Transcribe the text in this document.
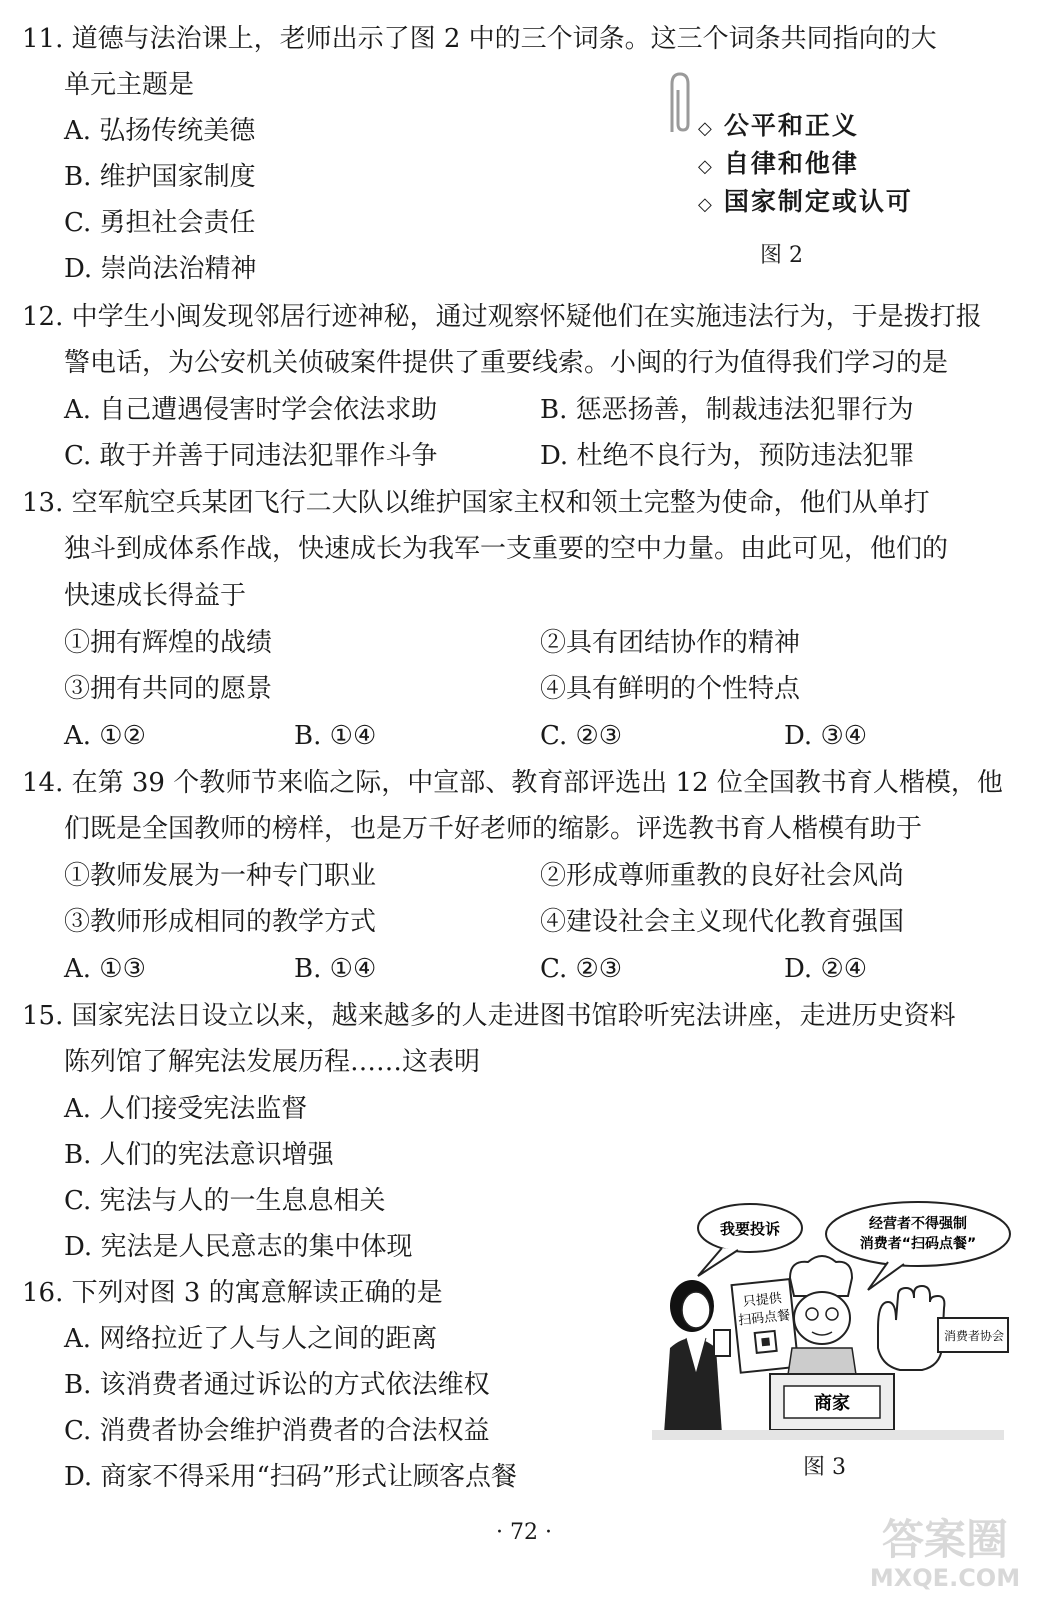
11. 道德与法治课上，老师出示了图 2 中的三个词条。这三个词条共同指向的大
单元主题是
A. 弘扬传统美德
B. 维护国家制度
C. 勇担社会责任
D. 崇尚法治精神
◇ 公平和正义
◇ 自律和他律
◇ 国家制定或认可
图 2
12. 中学生小闽发现邻居行迹神秘，通过观察怀疑他们在实施违法行为，于是拨打报
警电话，为公安机关侦破案件提供了重要线索。小闽的行为值得我们学习的是
A. 自己遭遇侵害时学会依法求助	B. 惩恶扬善，制裁违法犯罪行为
C. 敢于并善于同违法犯罪作斗争	D. 杜绝不良行为，预防违法犯罪
13. 空军航空兵某团飞行二大队以维护国家主权和领土完整为使命，他们从单打
独斗到成体系作战，快速成长为我军一支重要的空中力量。由此可见，他们的
快速成长得益于
①拥有辉煌的战绩	②具有团结协作的精神
③拥有共同的愿景	④具有鲜明的个性特点
A. ①②	B. ①④	C. ②③	D. ③④
14. 在第 39 个教师节来临之际，中宣部、教育部评选出 12 位全国教书育人楷模，他
们既是全国教师的榜样，也是万千好老师的缩影。评选教书育人楷模有助于
①教师发展为一种专门职业	②形成尊师重教的良好社会风尚
③教师形成相同的教学方式	④建设社会主义现代化教育强国
A. ①③	B. ①④	C. ②③	D. ②④
15. 国家宪法日设立以来，越来越多的人走进图书馆聆听宪法讲座，走进历史资料
陈列馆了解宪法发展历程……这表明
A. 人们接受宪法监督
B. 人们的宪法意识增强
C. 宪法与人的一生息息相关
D. 宪法是人民意志的集中体现
16. 下列对图 3 的寓意解读正确的是
A. 网络拉近了人与人之间的距离
B. 该消费者通过诉讼的方式依法维权
C. 消费者协会维护消费者的合法权益
D. 商家不得采用“扫码”形式让顾客点餐
我要投诉	经营者不得强制
消费者“扫码点餐”
只提供
扫码点餐
商家
消费者协会
图 3
· 72 ·	答案圈
MXQE.COM
